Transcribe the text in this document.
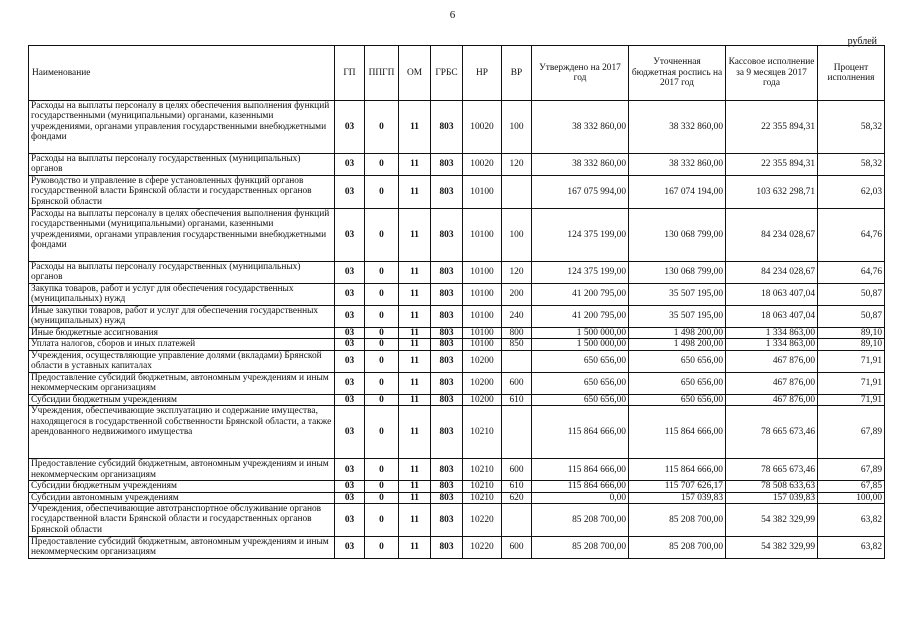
6
рублей
Наименование	ГП	ППГП	ОМ	ГРБС	НР	ВР	Утверждено на 2017 год	Уточненная бюджетная роспись на 2017 год	Кассовое исполнение за 9 месяцев 2017 года	Процент исполнения
Расходы на выплаты персоналу в целях обеспечения выполнения функций государственными (муниципальными) органами, казенными учреждениями, органами управления государственными внебюджетными фондами	03	0	11	803	10020	100	38 332 860,00	38 332 860,00	22 355 894,31	58,32
Расходы на выплаты персоналу государственных (муниципальных) органов	03	0	11	803	10020	120	38 332 860,00	38 332 860,00	22 355 894,31	58,32
Руководство и управление в сфере установленных функций органов государственной власти Брянской области и государственных органов Брянской области	03	0	11	803	10100		167 075 994,00	167 074 194,00	103 632 298,71	62,03
Расходы на выплаты персоналу в целях обеспечения выполнения функций государственными (муниципальными) органами, казенными учреждениями, органами управления государственными внебюджетными фондами	03	0	11	803	10100	100	124 375 199,00	130 068 799,00	84 234 028,67	64,76
Расходы на выплаты персоналу государственных (муниципальных) органов	03	0	11	803	10100	120	124 375 199,00	130 068 799,00	84 234 028,67	64,76
Закупка товаров, работ и услуг для обеспечения государственных (муниципальных) нужд	03	0	11	803	10100	200	41 200 795,00	35 507 195,00	18 063 407,04	50,87
Иные закупки товаров, работ и услуг для обеспечения государственных (муниципальных) нужд	03	0	11	803	10100	240	41 200 795,00	35 507 195,00	18 063 407,04	50,87
Иные бюджетные ассигнования	03	0	11	803	10100	800	1 500 000,00	1 498 200,00	1 334 863,00	89,10
Уплата налогов, сборов и иных платежей	03	0	11	803	10100	850	1 500 000,00	1 498 200,00	1 334 863,00	89,10
Учреждения, осуществляющие управление долями (вкладами) Брянской области в уставных капиталах	03	0	11	803	10200		650 656,00	650 656,00	467 876,00	71,91
Предоставление субсидий бюджетным, автономным учреждениям и иным некоммерческим организациям	03	0	11	803	10200	600	650 656,00	650 656,00	467 876,00	71,91
Субсидии бюджетным учреждениям	03	0	11	803	10200	610	650 656,00	650 656,00	467 876,00	71,91
Учреждения, обеспечивающие эксплуатацию и содержание имущества, находящегося в государственной собственности Брянской области, а также арендованного недвижимого имущества	03	0	11	803	10210		115 864 666,00	115 864 666,00	78 665 673,46	67,89
Предоставление субсидий бюджетным, автономным учреждениям и иным некоммерческим организациям	03	0	11	803	10210	600	115 864 666,00	115 864 666,00	78 665 673,46	67,89
Субсидии бюджетным учреждениям	03	0	11	803	10210	610	115 864 666,00	115 707 626,17	78 508 633,63	67,85
Субсидии автономным учреждениям	03	0	11	803	10210	620	0,00	157 039,83	157 039,83	100,00
Учреждения, обеспечивающие автотранспортное обслуживание органов государственной власти Брянской области и государственных органов Брянской области	03	0	11	803	10220		85 208 700,00	85 208 700,00	54 382 329,99	63,82
Предоставление субсидий бюджетным, автономным учреждениям и иным некоммерческим организациям	03	0	11	803	10220	600	85 208 700,00	85 208 700,00	54 382 329,99	63,82
